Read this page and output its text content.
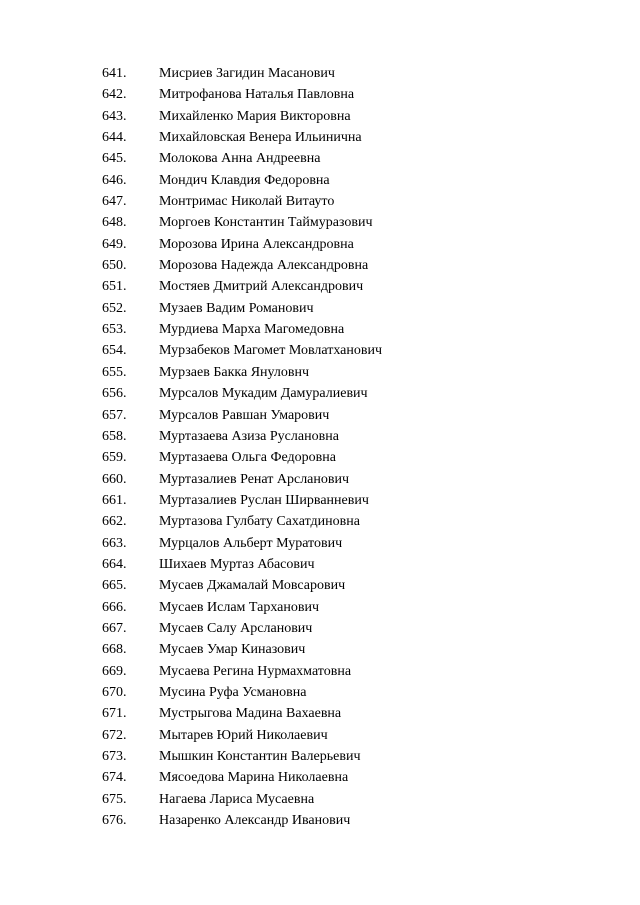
641. Мисриев Загидин Масанович
642. Митрофанова Наталья Павловна
643. Михайленко Мария Викторовна
644. Михайловская Венера Ильинична
645. Молокова Анна Андреевна
646. Мондич Клавдия Федоровна
647. Монтримас Николай Витауто
648. Моргоев Константин Таймуразович
649. Морозова Ирина Александровна
650. Морозова Надежда Александровна
651. Мостяев Дмитрий Александрович
652. Музаев Вадим Романович
653. Мурдиева Марха Магомедовна
654. Мурзабеков Магомет Мовлатханович
655. Мурзаев Бакка Януловнч
656. Мурсалов Мукадим Дамуралиевич
657. Мурсалов Равшан Умарович
658. Муртазаева Азиза Руслановна
659. Муртазаева Ольга Федоровна
660. Муртазалиев Ренат Арсланович
661. Муртазалиев Руслан Ширванневич
662. Муртазова Гулбату Сахатдиновна
663. Мурцалов Альберт Муратович
664. Шихаев Муртаз Абасович
665. Мусаев Джамалай Мовсарович
666. Мусаев Ислам Тарханович
667. Мусаев Салу Арсланович
668. Мусаев Умар Киназович
669. Мусаева Регина Нурмахматовна
670. Мусина Руфа Усмановна
671. Мустрыгова Мадина Вахаевна
672. Мытарев Юрий Николаевич
673. Мышкин Константин Валерьевич
674. Мясоедова Марина Николаевна
675. Нагаева Лариса Мусаевна
676. Назаренко Александр Иванович
